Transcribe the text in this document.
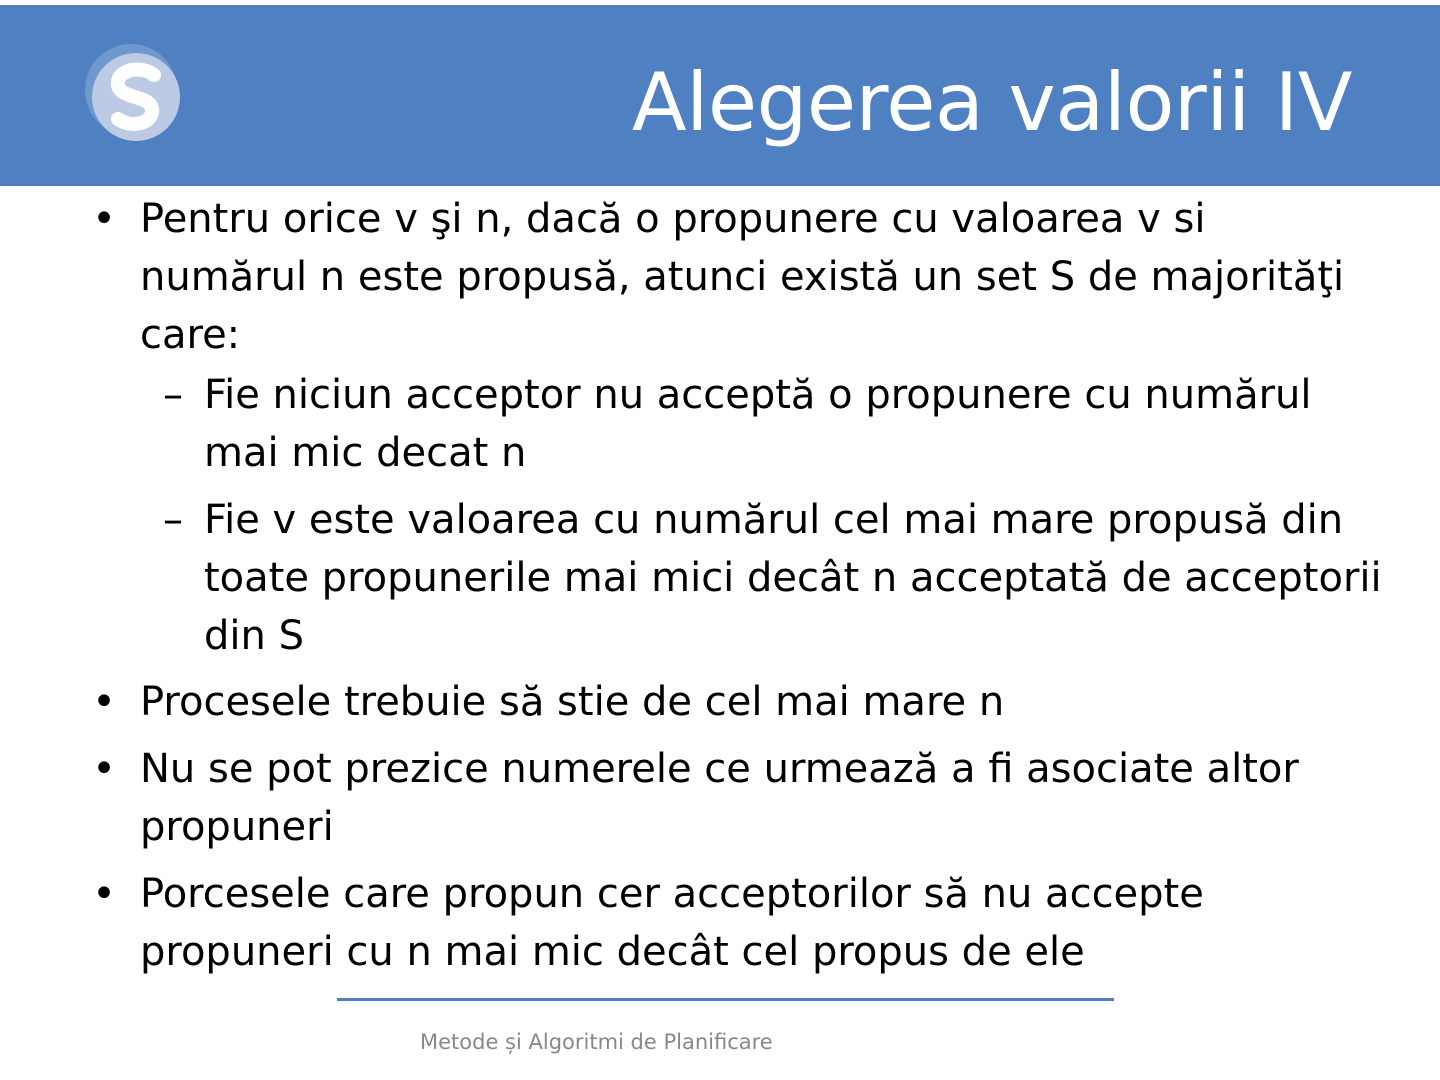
Alegerea valorii IV
• Pentru orice v şi n, dacă o propunere cu valoarea v si numărul n este propusă, atunci există un set S de majorităţi care:
– Fie niciun acceptor nu acceptă o propunere cu numărul mai mic decat n
– Fie v este valoarea cu numărul cel mai mare propusă din toate propunerile mai mici decât n acceptată de acceptorii din S
• Procesele trebuie să stie de cel mai mare n
• Nu se pot prezice numerele ce urmează a fi asociate altor propuneri
• Porcesele care propun cer acceptorilor să nu accepte propuneri cu n mai mic decât cel propus de ele
Metode și Algoritmi de Planificare
